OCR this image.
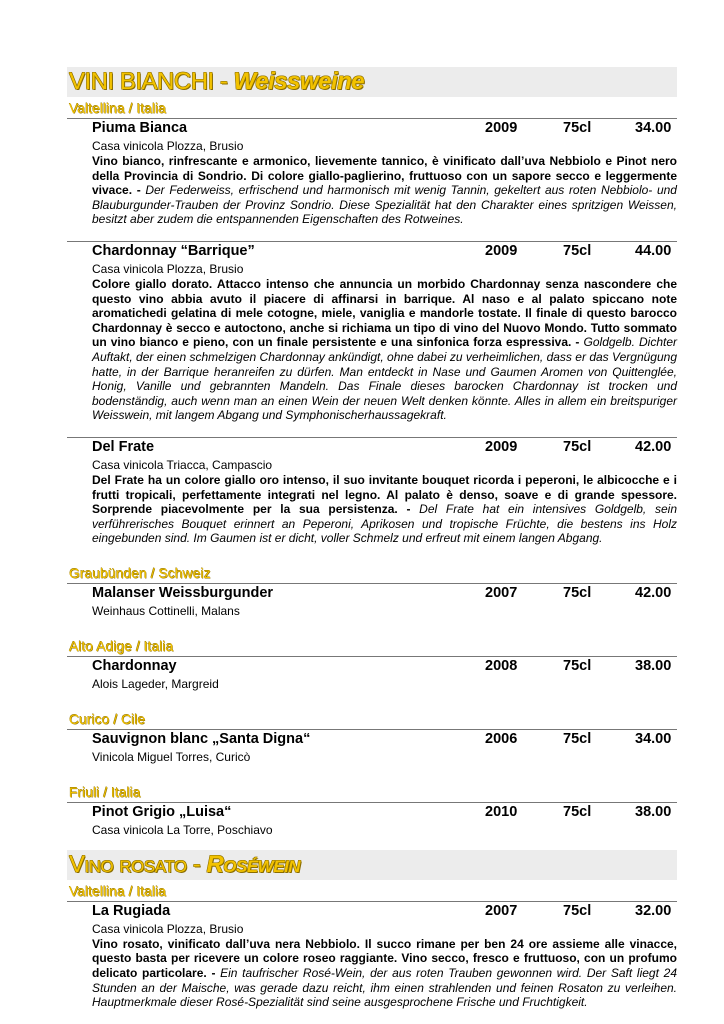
VINI BIANCHI - Weissweine
Valtellina / Italia
Piuma Bianca	2009	75cl	34.00
Casa vinicola Plozza, Brusio
Vino bianco, rinfrescante e armonico, lievemente tannico, è vinificato dall’uva Nebbiolo e Pinot nero della Provincia di Sondrio. Di colore giallo-paglierino, fruttuoso con un sapore secco e leggermente vivace. - Der Federweiss, erfrischend und harmonisch mit wenig Tannin, gekeltert aus roten Nebbiolo- und Blauburgunder-Trauben der Provinz Sondrio. Diese Spezialität hat den Charakter eines spritzigen Weissen, besitzt aber zudem die entspannenden Eigenschaften des Rotweines.
Chardonnay “Barrique”	2009	75cl	44.00
Casa vinicola Plozza, Brusio
Colore giallo dorato. Attacco intenso che annuncia un morbido Chardonnay senza nascondere che questo vino abbia avuto il piacere di affinarsi in barrique. Al naso e al palato spiccano note aromatichedi gelatina di mele cotogne, miele, vaniglia e mandorle tostate. Il finale di questo barocco Chardonnay è secco e autoctono, anche si richiama un tipo di vino del Nuovo Mondo. Tutto sommato un vino bianco e pieno, con un finale persistente e una sinfonica forza espressiva. - Goldgelb. Dichter Auftakt, der einen schmelzigen Chardonnay ankündigt, ohne dabei zu verheimlichen, dass er das Vergnügung hatte, in der Barrique heranreifen zu dürfen. Man entdeckt in Nase und Gaumen Aromen von Quittenglée, Honig, Vanille und gebrannten Mandeln. Das Finale dieses barocken Chardonnay ist trocken und bodenständig, auch wenn man an einen Wein der neuen Welt denken könnte. Alles in allem ein breitspuriger Weisswein, mit langem Abgang und Symphonischerhaussagekraft.
Del Frate	2009	75cl	42.00
Casa vinicola Triacca, Campascio
Del Frate ha un colore giallo oro intenso, il suo invitante bouquet ricorda i peperoni, le albicocche e i frutti tropicali, perfettamente integrati nel legno. Al palato è denso, soave e di grande spessore. Sorprende piacevolmente per la sua persistenza. - Del Frate hat ein intensives Goldgelb, sein verführerisches Bouquet erinnert an Peperoni, Aprikosen und tropische Früchte, die bestens ins Holz eingebunden sind. Im Gaumen ist er dicht, voller Schmelz und erfreut mit einem langen Abgang.
Graubünden / Schweiz
Malanser Weissburgunder	2007	75cl	42.00
Weinhaus Cottinelli, Malans
Alto Adige / Italia
Chardonnay	2008	75cl	38.00
Alois Lageder, Margreid
Curico / Cile
Sauvignon blanc „Santa Digna“	2006	75cl	34.00
Vinicola Miguel Torres, Curicò
Friuli / Italia
Pinot Grigio „Luisa“	2010	75cl	38.00
Casa vinicola La Torre, Poschiavo
Vino rosato - Roséwein
Valtellina / Italia
La Rugiada	2007	75cl	32.00
Casa vinicola Plozza, Brusio
Vino rosato, vinificato dall’uva nera Nebbiolo. Il succo rimane per ben 24 ore assieme alle vinacce, questo basta per ricevere un colore roseo raggiante. Vino secco, fresco e fruttuoso, con un profumo delicato particolare. - Ein taufrischer Rosé-Wein, der aus roten Trauben gewonnen wird. Der Saft liegt 24 Stunden an der Maische, was gerade dazu reicht, ihm einen strahlenden und feinen Rosaton zu verleihen. Hauptmerkmale dieser Rosé-Spezialität sind seine ausgesprochene Frische und Fruchtigkeit.
